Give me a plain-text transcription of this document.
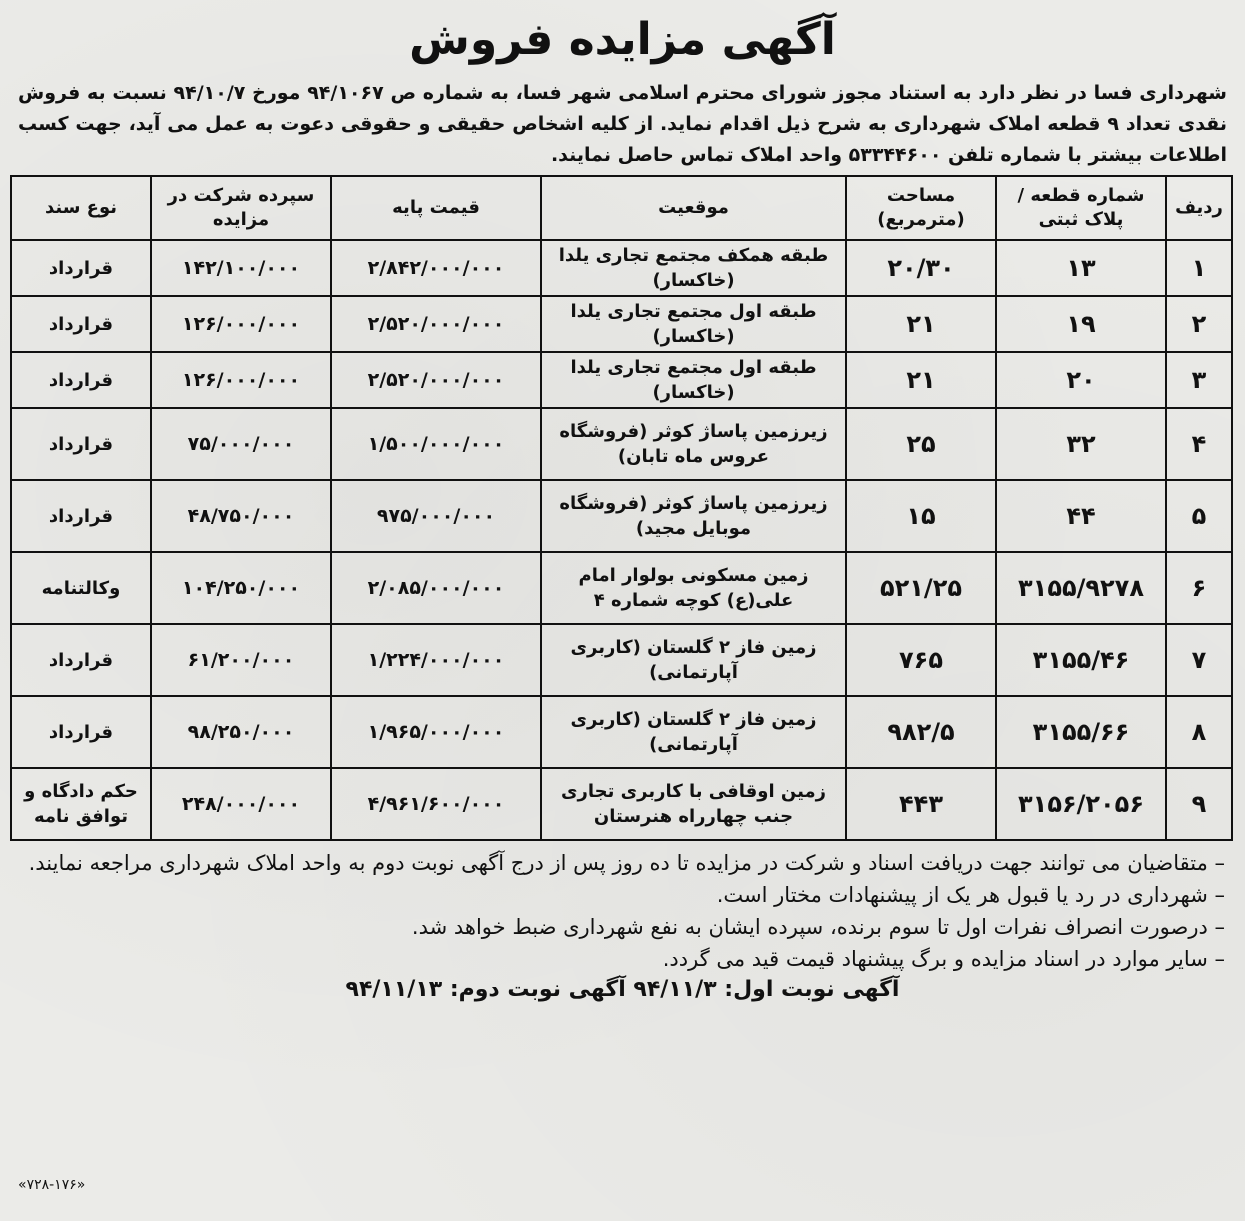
آگهی مزایده فروش

شهرداری فسا در نظر دارد به استناد مجوز شورای محترم اسلامی شهر فسا، به شماره ص ۹۴/۱۰۶۷ مورخ ۹۴/۱۰/۷ نسبت به فروش نقدی تعداد ۹ قطعه املاک شهرداری به شرح ذیل اقدام نماید. از کلیه اشخاص حقیقی و حقوقی دعوت به عمل می آید، جهت کسب اطلاعات بیشتر با شماره تلفن ۵۳۳۴۴۶۰۰ واحد املاک تماس حاصل نمایند.

ردیف	شماره قطعه / پلاک ثبتی	مساحت (مترمربع)	موقعیت	قیمت پایه	سپرده شرکت در مزایده	نوع سند
۱	۱۳	۲۰/۳۰	طبقه همکف مجتمع تجاری یلدا (خاکسار)	۲/۸۴۲/۰۰۰/۰۰۰	۱۴۲/۱۰۰/۰۰۰	قرارداد
۲	۱۹	۲۱	طبقه اول مجتمع تجاری یلدا (خاکسار)	۲/۵۲۰/۰۰۰/۰۰۰	۱۲۶/۰۰۰/۰۰۰	قرارداد
۳	۲۰	۲۱	طبقه اول مجتمع تجاری یلدا (خاکسار)	۲/۵۲۰/۰۰۰/۰۰۰	۱۲۶/۰۰۰/۰۰۰	قرارداد
۴	۳۲	۲۵	زیرزمین پاساژ کوثر (فروشگاه عروس ماه تابان)	۱/۵۰۰/۰۰۰/۰۰۰	۷۵/۰۰۰/۰۰۰	قرارداد
۵	۴۴	۱۵	زیرزمین پاساژ کوثر (فروشگاه موبایل مجید)	۹۷۵/۰۰۰/۰۰۰	۴۸/۷۵۰/۰۰۰	قرارداد
۶	۳۱۵۵/۹۲۷۸	۵۲۱/۲۵	زمین مسکونی بولوار امام علی(ع) کوچه شماره ۴	۲/۰۸۵/۰۰۰/۰۰۰	۱۰۴/۲۵۰/۰۰۰	وکالتنامه
۷	۳۱۵۵/۴۶	۷۶۵	زمین فاز ۲ گلستان (کاربری آپارتمانی)	۱/۲۲۴/۰۰۰/۰۰۰	۶۱/۲۰۰/۰۰۰	قرارداد
۸	۳۱۵۵/۶۶	۹۸۲/۵	زمین فاز ۲ گلستان (کاربری آپارتمانی)	۱/۹۶۵/۰۰۰/۰۰۰	۹۸/۲۵۰/۰۰۰	قرارداد
۹	۳۱۵۶/۲۰۵۶	۴۴۳	زمین اوقافی با کاربری تجاری جنب چهارراه هنرستان	۴/۹۶۱/۶۰۰/۰۰۰	۲۴۸/۰۰۰/۰۰۰	حکم دادگاه و توافق نامه

– متقاضیان می توانند جهت دریافت اسناد و شرکت در مزایده تا ده روز پس از درج آگهی نوبت دوم به واحد املاک شهرداری مراجعه نمایند.

– شهرداری در رد یا قبول هر یک از پیشنهادات مختار است.

– درصورت انصراف نفرات اول تا سوم برنده، سپرده ایشان به نفع شهرداری ضبط خواهد شد.

– سایر موارد در اسناد مزایده و برگ پیشنهاد قیمت قید می گردد.

آگهی نوبت اول: ۹۴/۱۱/۳ آگهی نوبت دوم: ۹۴/۱۱/۱۳
«۷۲۸-۱۷۶»
